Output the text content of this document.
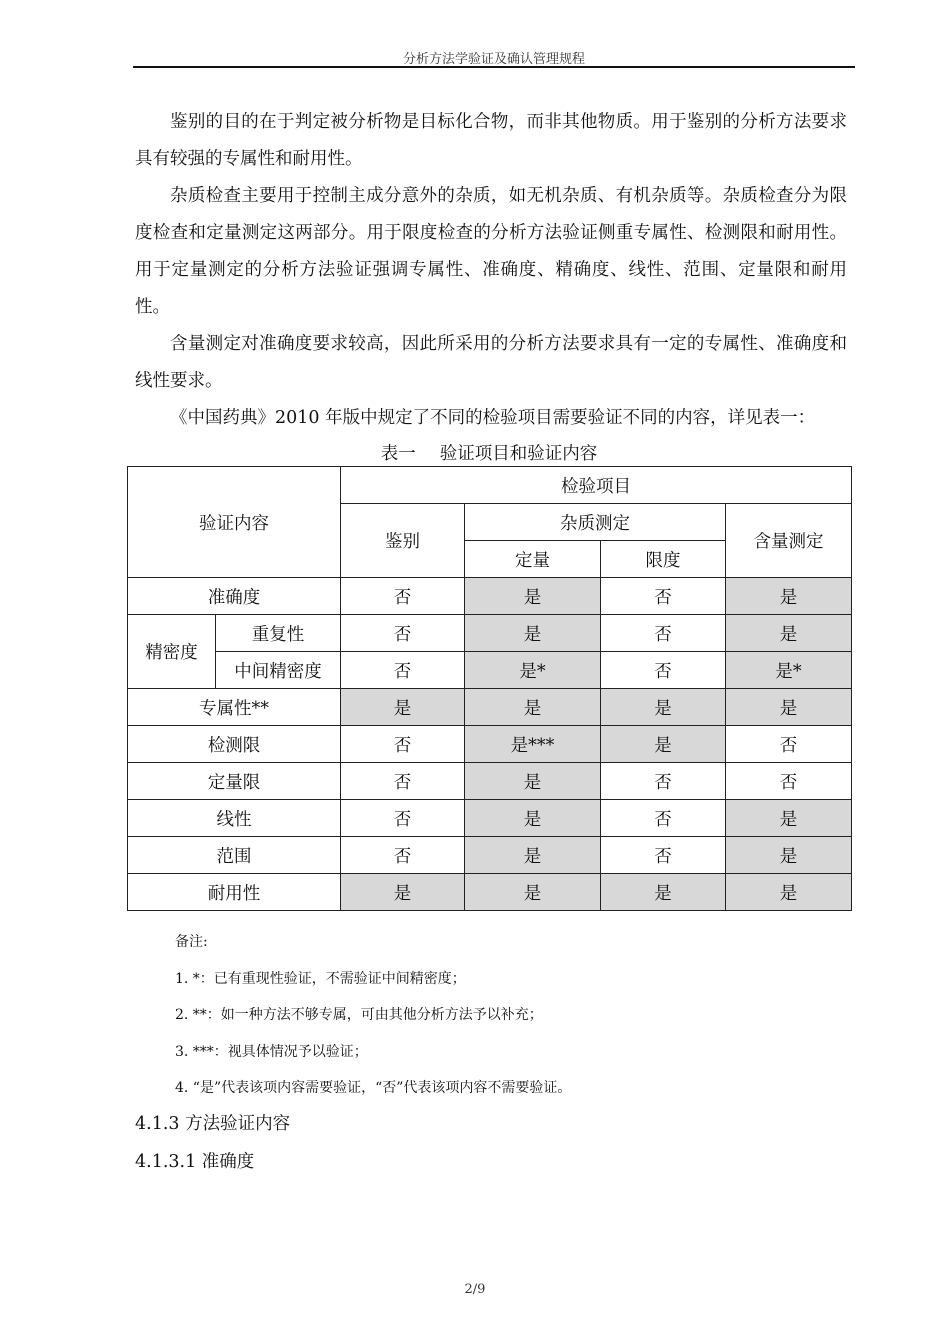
分析方法学验证及确认管理规程

鉴别的目的在于判定被分析物是目标化合物，而非其他物质。用于鉴别的分析方法要求具有较强的专属性和耐用性。

杂质检查主要用于控制主成分意外的杂质，如无机杂质、有机杂质等。杂质检查分为限度检查和定量测定这两部分。用于限度检查的分析方法验证侧重专属性、检测限和耐用性。用于定量测定的分析方法验证强调专属性、准确度、精确度、线性、范围、定量限和耐用性。

含量测定对准确度要求较高，因此所采用的分析方法要求具有一定的专属性、准确度和线性要求。

《中国药典》2010 年版中规定了不同的检验项目需要验证不同的内容，详见表一：

表一 验证项目和验证内容
验证内容		检验项目			
		鉴别	杂质测定		含量测定
			定量	限度	
准确度		否	是	否	是
精密度	重复性	否	是	否	是
	中间精密度	否	是*	否	是*
专属性**		是	是	是	是
检测限		否	是***	是	否
定量限		否	是	否	否
线性		否	是	否	是
范围		否	是	否	是
耐用性		是	是	是	是
备注:
1. *：已有重现性验证，不需验证中间精密度；
2. **：如一种方法不够专属，可由其他分析方法予以补充；
3. ***：视具体情况予以验证；
4. “是”代表该项内容需要验证，“否”代表该项内容不需要验证。
4.1.3 方法验证内容
4.1.3.1 准确度
2/9
